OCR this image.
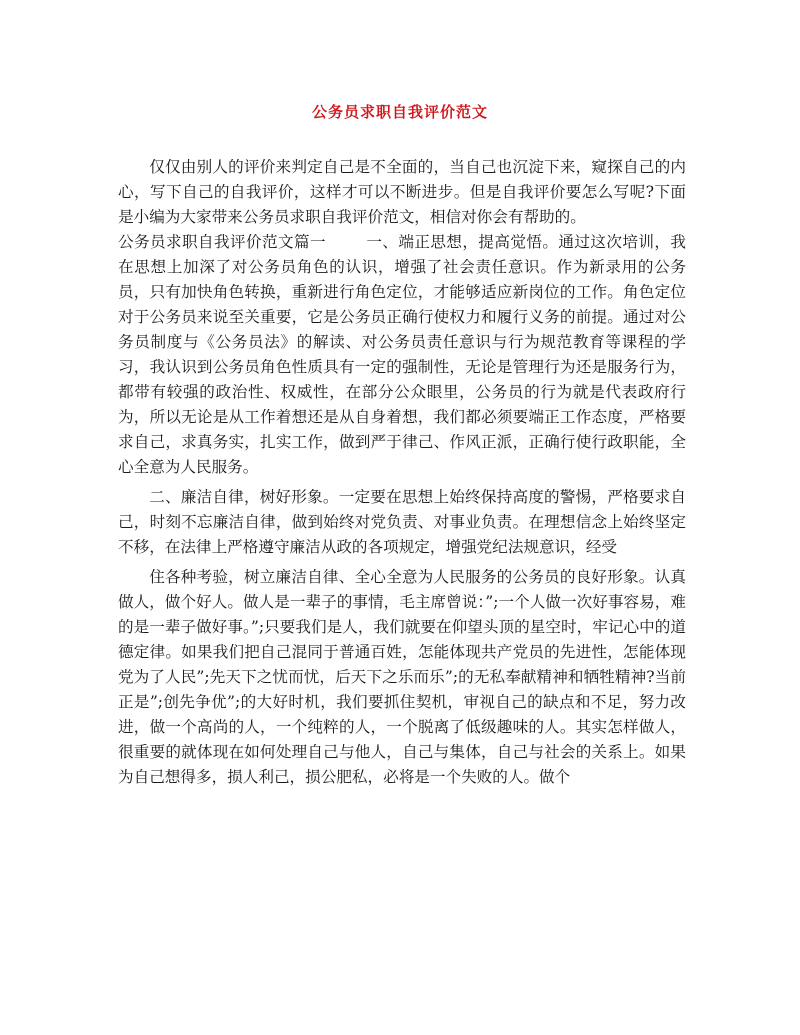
公务员求职自我评价范文

仅仅由别人的评价来判定自己是不全面的，当自己也沉淀下来，窥探自己的内心，写下自己的自我评价，这样才可以不断进步。但是自我评价要怎么写呢?下面是小编为大家带来公务员求职自我评价范文，相信对你会有帮助的。

公务员求职自我评价范文篇一	一、端正思想，提高觉悟。通过这次培训，我在思想上加深了对公务员角色的认识，增强了社会责任意识。作为新录用的公务员，只有加快角色转换，重新进行角色定位，才能够适应新岗位的工作。角色定位对于公务员来说至关重要，它是公务员正确行使权力和履行义务的前提。通过对公务员制度与《公务员法》的解读、对公务员责任意识与行为规范教育等课程的学习，我认识到公务员角色性质具有一定的强制性，无论是管理行为还是服务行为，都带有较强的政治性、权威性，在部分公众眼里，公务员的行为就是代表政府行为，所以无论是从工作着想还是从自身着想，我们都必须要端正工作态度，严格要求自己，求真务实，扎实工作，做到严于律己、作风正派，正确行使行政职能，全心全意为人民服务。

二、廉洁自律，树好形象。一定要在思想上始终保持高度的警惕，严格要求自己，时刻不忘廉洁自律，做到始终对党负责、对事业负责。在理想信念上始终坚定不移，在法律上严格遵守廉洁从政的各项规定，增强党纪法规意识，经受

住各种考验，树立廉洁自律、全心全意为人民服务的公务员的良好形象。认真做人，做个好人。做人是一辈子的事情，毛主席曾说：”;一个人做一次好事容易，难的是一辈子做好事。”;只要我们是人，我们就要在仰望头顶的星空时，牢记心中的道德定律。如果我们把自己混同于普通百姓，怎能体现共产党员的先进性，怎能体现党为了人民”;先天下之忧而忧，后天下之乐而乐”;的无私奉献精神和牺牲精神?当前正是”;创先争优”;的大好时机，我们要抓住契机，审视自己的缺点和不足，努力改进，做一个高尚的人，一个纯粹的人，一个脱离了低级趣味的人。其实怎样做人，很重要的就体现在如何处理自己与他人，自己与集体，自己与社会的关系上。如果为自己想得多，损人利己，损公肥私，必将是一个失败的人。做个
